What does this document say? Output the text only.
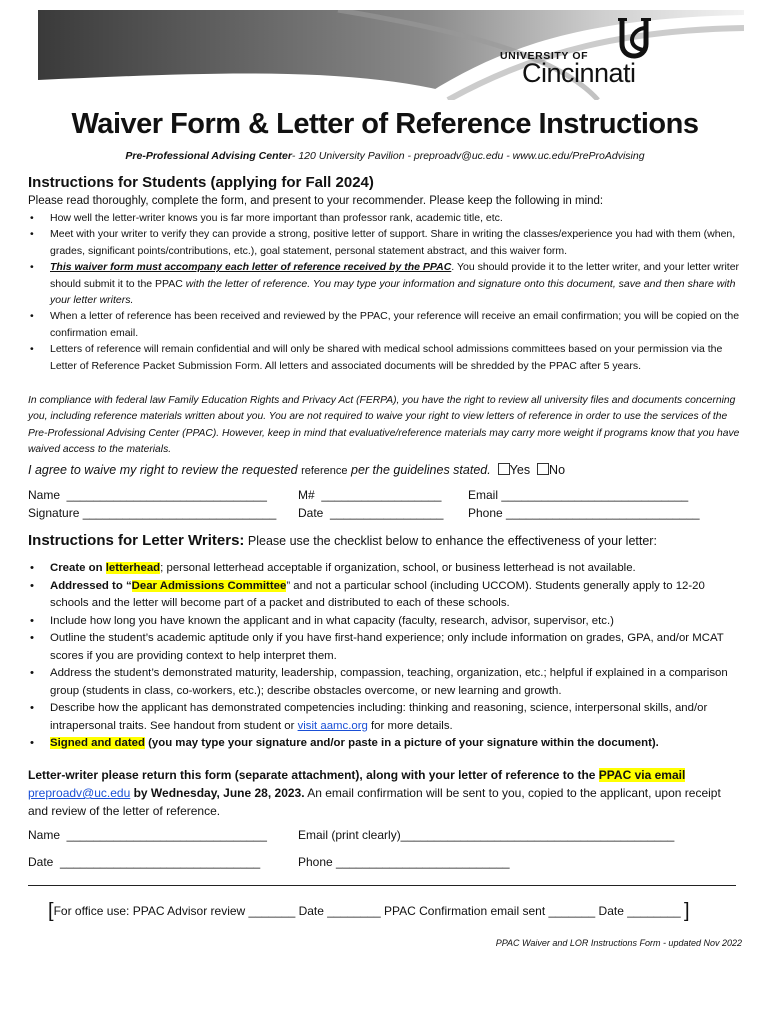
UNIVERSITY OF
Cincinnati
Waiver Form & Letter of Reference Instructions
Pre-Professional Advising Center- 120 University Pavilion - preproadv@uc.edu - www.uc.edu/PreProAdvising
Instructions for Students (applying for Fall 2024)
Please read thoroughly, complete the form, and present to your recommender. Please keep the following in mind:
• How well the letter-writer knows you is far more important than professor rank, academic title, etc.
• Meet with your writer to verify they can provide a strong, positive letter of support. Share in writing the classes/experience you had with them (when, grades, significant points/contributions, etc.), goal statement, personal statement abstract, and this waiver form.
• This waiver form must accompany each letter of reference received by the PPAC. You should provide it to the letter writer, and your letter writer should submit it to the PPAC with the letter of reference. You may type your information and signature onto this document, save and then share with your letter writers.
• When a letter of reference has been received and reviewed by the PPAC, your reference will receive an email confirmation; you will be copied on the confirmation email.
• Letters of reference will remain confidential and will only be shared with medical school admissions committees based on your permission via the Letter of Reference Packet Submission Form. All letters and associated documents will be shredded by the PPAC after 5 years.
In compliance with federal law Family Education Rights and Privacy Act (FERPA), you have the right to review all university files and documents concerning you, including reference materials written about you. You are not required to waive your right to view letters of reference in order to use the services of the Pre-Professional Advising Center (PPAC). However, keep in mind that evaluative/reference materials may carry more weight if programs know that you have waived access to the materials.
I agree to waive my right to review the requested reference per the guidelines stated. Yes No
Name  ______________________________
Signature _____________________________
M#  __________________
Date  _________________
Email ____________________________
Phone _____________________________
Instructions for Letter Writers: Please use the checklist below to enhance the effectiveness of your letter:
• Create on letterhead; personal letterhead acceptable if organization, school, or business letterhead is not available.
• Addressed to “Dear Admissions Committee” and not a particular school (including UCCOM). Students generally apply to 12-20 schools and the letter will become part of a packet and distributed to each of these schools.
• Include how long you have known the applicant and in what capacity (faculty, research, advisor, supervisor, etc.)
• Outline the student’s academic aptitude only if you have first-hand experience; only include information on grades, GPA, and/or MCAT scores if you are providing context to help interpret them.
• Address the student’s demonstrated maturity, leadership, compassion, teaching, organization, etc.; helpful if explained in a comparison group (students in class, co-workers, etc.); describe obstacles overcome, or new learning and growth.
• Describe how the applicant has demonstrated competencies including: thinking and reasoning, science, interpersonal skills, and/or intrapersonal traits. See handout from student or visit aamc.org for more details.
• Signed and dated (you may type your signature and/or paste in a picture of your signature within the document).
Letter-writer please return this form (separate attachment), along with your letter of reference to the PPAC via email
preproadv@uc.edu by Wednesday, June 28, 2023. An email confirmation will be sent to you, copied to the applicant, upon receipt and review of the letter of reference.
Name  ______________________________
Date  ______________________________
Email (print clearly)_________________________________________
Phone __________________________
[For office use: PPAC Advisor review _______ Date ________ PPAC Confirmation email sent _______ Date ________ ]
PPAC Waiver and LOR Instructions Form - updated Nov 2022
